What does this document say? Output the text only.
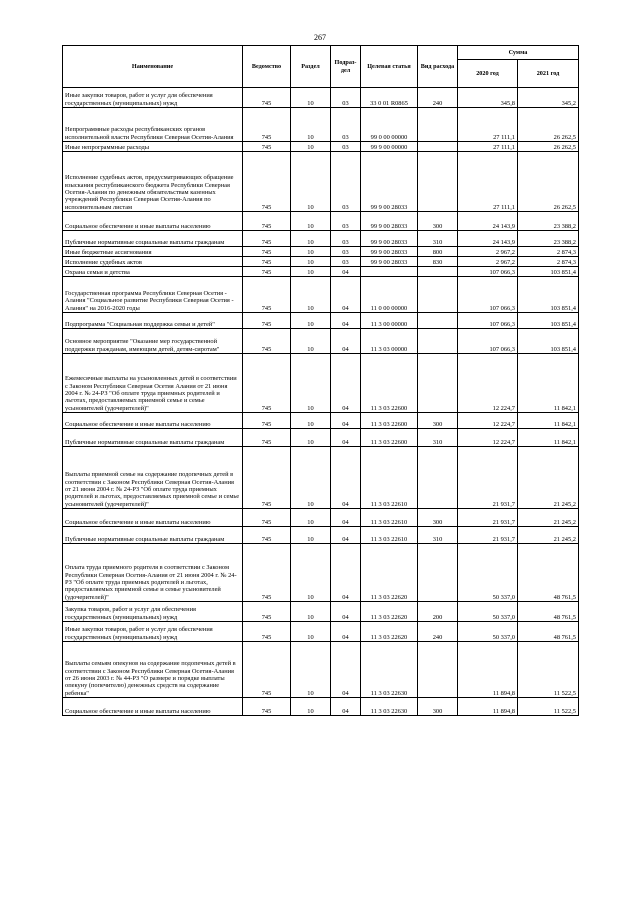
267
Наименование	Ведомство	Раздел	Подраз-дел	Целевая статья	Вид расхода	Сумма	
						2020 год	2021 год
Иные закупки товаров, работ и услуг для обеспечения государственных (муниципальных) нужд	745	10	03	33 0 01 R0865	240	345,8	345,2
Непрограммные расходы республиканских органов исполнительной власти Республики Северная Осетия-Алания	745	10	03	99 0 00 00000		27 111,1	26 262,5
Иные непрограммные расходы	745	10	03	99 9 00 00000		27 111,1	26 262,5
Исполнение судебных актов, предусматривающих обращение взыскания республиканского бюджета Республики Северная Осетия-Алания по денежным обязательствам казенных учреждений Республики Северная Осетия-Алания по исполнительным листам	745	10	03	99 9 00 28033		27 111,1	26 262,5
Социальное обеспечение и иные выплаты населению	745	10	03	99 9 00 28033	300	24 143,9	23 388,2
Публичные нормативные социальные выплаты гражданам	745	10	03	99 9 00 28033	310	24 143,9	23 388,2
Иные бюджетные ассигнования	745	10	03	99 9 00 28033	800	2 967,2	2 874,3
Исполнение судебных актов	745	10	03	99 9 00 28033	830	2 967,2	2 874,3
Охрана семьи и детства	745	10	04			107 066,3	103 851,4
Государственная программа Республики Северная Осетия - Алания "Социальное развитие Республики Северная Осетия - Алания" на 2016-2020 годы	745	10	04	11 0 00 00000		107 066,3	103 851,4
Подпрограмма "Социальная поддержка семьи и детей"	745	10	04	11 3 00 00000		107 066,3	103 851,4
Основное мероприятие "Оказание мер государственной поддержки гражданам, имеющим детей, детям-сиротам"	745	10	04	11 3 03 00000		107 066,3	103 851,4
Ежемесячные выплаты на усыновленных детей в соответствии с Законом Республики Северная Осетия Алания от 21 июня 2004 г. № 24-РЗ "Об оплате труда приемных родителей и льготах, предоставляемых приемной семье и семье усыновителей (удочерителей)"	745	10	04	11 3 03 22600		12 224,7	11 842,1
Социальное обеспечение и иные выплаты населению	745	10	04	11 3 03 22600	300	12 224,7	11 842,1
Публичные нормативные социальные выплаты гражданам	745	10	04	11 3 03 22600	310	12 224,7	11 842,1
Выплаты приемной семье на содержание подопечных детей в соответствии с Законом Республики Северная Осетия-Алания от 21 июня 2004 г. № 24-РЗ "Об оплате труда приемных родителей и льготах, предоставляемых приемной семье и семье усыновителей (удочерителей)"	745	10	04	11 3 03 22610		21 931,7	21 245,2
Социальное обеспечение и иные выплаты населению	745	10	04	11 3 03 22610	300	21 931,7	21 245,2
Публичные нормативные социальные выплаты гражданам	745	10	04	11 3 03 22610	310	21 931,7	21 245,2
Оплата труда приемного родителя в соответствии с Законом Республики Северная Осетия-Алания от 21 июня 2004 г. № 24-РЗ "Об оплате труда приемных родителей и льготах, предоставляемых приемной семье и семье усыновителей (удочерителей)"	745	10	04	11 3 03 22620		50 337,0	48 761,5
Закупка товаров, работ и услуг для обеспечения государственных (муниципальных) нужд	745	10	04	11 3 03 22620	200	50 337,0	48 761,5
Иные закупки товаров, работ и услуг для обеспечения государственных (муниципальных) нужд	745	10	04	11 3 03 22620	240	50 337,0	48 761,5
Выплаты семьям опекунов на содержание подопечных детей в соответствии с Законом Республики Северная Осетия-Алания от 26 июня 2003 г. № 44-РЗ "О размере и порядке выплаты опекуну (попечителю) денежных средств на содержание ребенка"	745	10	04	11 3 03 22630		11 894,8	11 522,5
Социальное обеспечение и иные выплаты населению	745	10	04	11 3 03 22630	300	11 894,8	11 522,5
